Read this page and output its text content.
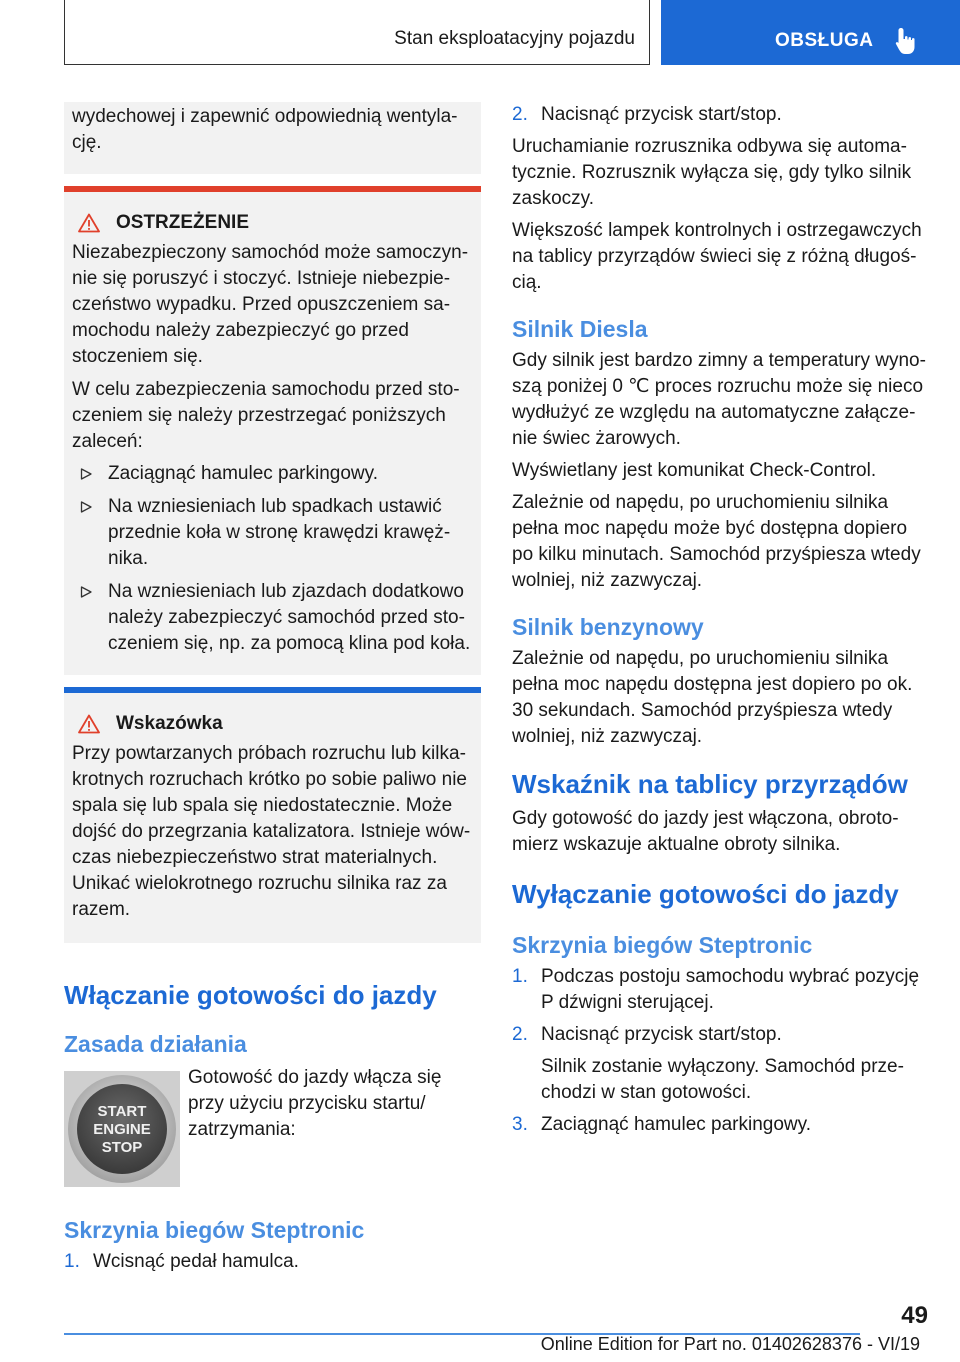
Stan eksploatacyjny pojazdu	OBSŁUGA

wydechowej i zapewnić odpowiednią wentyla-

cję.

OSTRZEŻENIE

Niezabezpieczony samochód może samoczynnie się poruszyć i stoczyć. Istnieje niebezpieczeństwo wypadku. Przed opuszczeniem samochodu należy zabezpieczyć go przed stoczeniem się.

W celu zabezpieczenia samochodu przed stoczeniem się należy przestrzegać poniższych zaleceń:

Zaciągnąć hamulec parkingowy.
Na wzniesieniach lub spadkach ustawić przednie koła w stronę krawędzi krawężnika.
Na wzniesieniach lub zjazdach dodatkowo należy zabezpieczyć samochód przed stoczeniem się, np. za pomocą klina pod koła.
Wskazówka

Przy powtarzanych próbach rozruchu lub kilkakrotnych rozruchach krótko po sobie paliwo nie spala się lub spala się niedostatecznie. Może dojść do przegrzania katalizatora. Istnieje wówczas niebezpieczeństwo strat materialnych. Unikać wielokrotnego rozruchu silnika raz za razem.

Włączanie gotowości do jazdy
Zasada działania
START
ENGINE
STOP

Gotowość do jazdy włącza się przy użyciu przycisku startu/ zatrzymania:

Skrzynia biegów Steptronic
1. Wcisnąć pedał hamulca.
2. Nacisnąć przycisk start/stop.

Uruchamianie rozrusznika odbywa się automatycznie. Rozrusznik wyłącza się, gdy tylko silnik zaskoczy.

Większość lampek kontrolnych i ostrzegawczych na tablicy przyrządów świeci się z różną długością.

Silnik Diesla

Gdy silnik jest bardzo zimny a temperatury wynoszą poniżej 0 ℃ proces rozruchu może się nieco wydłużyć ze względu na automatyczne załączenie świec żarowych.

Wyświetlany jest komunikat Check-Control.

Zależnie od napędu, po uruchomieniu silnika pełna moc napędu może być dostępna dopiero po kilku minutach. Samochód przyśpiesza wtedy wolniej, niż zazwyczaj.

Silnik benzynowy

Zależnie od napędu, po uruchomieniu silnika pełna moc napędu dostępna jest dopiero po ok. 30 sekundach. Samochód przyśpiesza wtedy wolniej, niż zazwyczaj.

Wskaźnik na tablicy przyrządów

Gdy gotowość do jazdy jest włączona, obrotomierz wskazuje aktualne obroty silnika.

Wyłączanie gotowości do jazdy
Skrzynia biegów Steptronic
1. Podczas postoju samochodu wybrać pozycję P dźwigni sterującej.
2. Nacisnąć przycisk start/stop.
Silnik zostanie wyłączony. Samochód przechodzi w stan gotowości.
3. Zaciągnąć hamulec parkingowy.
49
Online Edition for Part no. 01402628376 - VI/19
